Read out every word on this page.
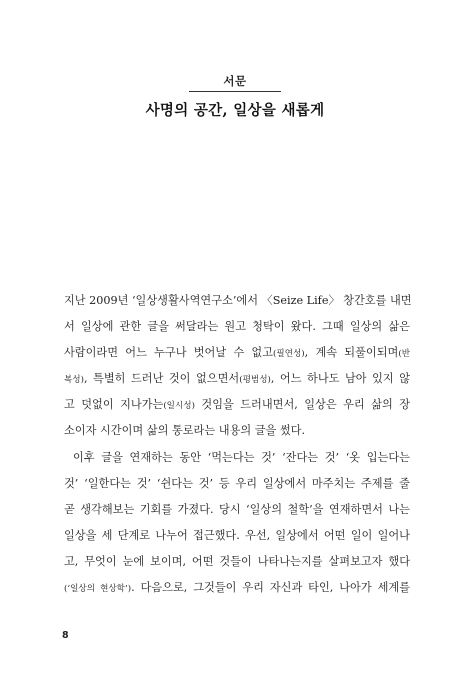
서문
사명의 공간, 일상을 새롭게
지난 2009년 ‘일상생활사역연구소’에서 〈Seize Life〉 창간호를 내면
서 일상에 관한 글을 써달라는 원고 청탁이 왔다. 그때 일상의 삶은
사람이라면 어느 누구나 벗어날 수 없고(필연성), 계속 되풀이되며(반
복성), 특별히 드러난 것이 없으면서(평범성), 어느 하나도 남아 있지 않
고 덧없이 지나가는(일시성) 것임을 드러내면서, 일상은 우리 삶의 장
소이자 시간이며 삶의 통로라는 내용의 글을 썼다.
이후 글을 연재하는 동안 ‘먹는다는 것’ ‘잔다는 것’ ‘옷 입는다는
것’ ‘일한다는 것’ ‘쉰다는 것’ 등 우리 일상에서 마주치는 주제를 줄
곧 생각해보는 기회를 가졌다. 당시 ‘일상의 철학’을 연재하면서 나는
일상을 세 단계로 나누어 접근했다. 우선, 일상에서 어떤 일이 일어나
고, 무엇이 눈에 보이며, 어떤 것들이 나타나는지를 살펴보고자 했다
(‘일상의 현상학’). 다음으로, 그것들이 우리 자신과 타인, 나아가 세계를
8
